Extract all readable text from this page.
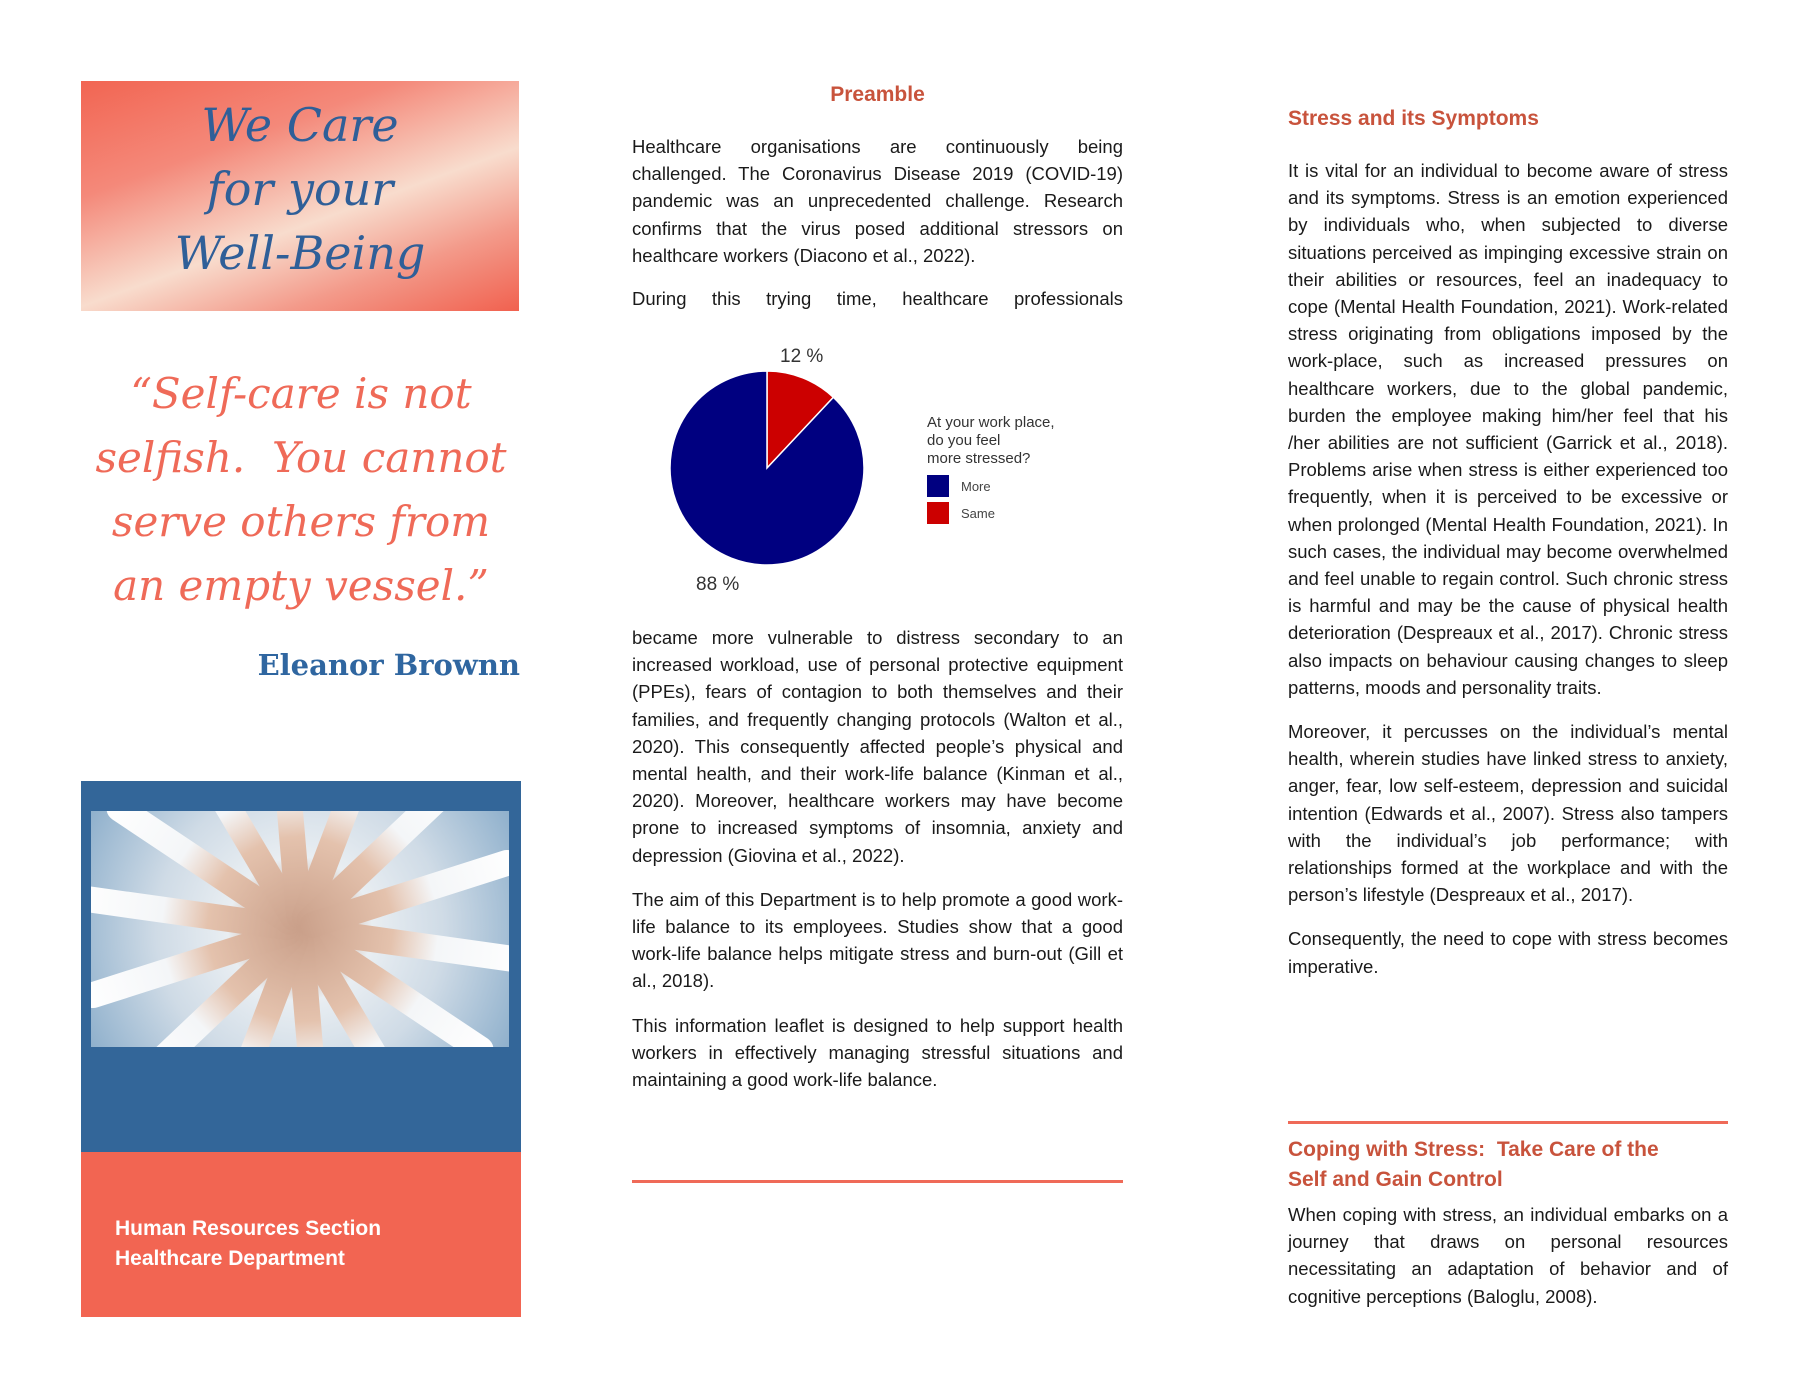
We Care
for your
Well-Being
“Self-care is not
selfish.  You cannot
serve others from
an empty vessel.”
Eleanor Brownn
Human Resources Section
Healthcare Department
Preamble

Healthcare organisations are continuously being challenged. The Coronavirus Disease 2019 (COVID-19) pandemic was an unprecedented challenge. Research confirms that the virus posed additional stressors on healthcare workers (Diacono et al., 2022).

During this trying time, healthcare professionals

12 %
88 %
At your work place,
do you feel
more stressed?
More
Same

became more vulnerable to distress secondary to an increased workload, use of personal protective equipment (PPEs), fears of contagion to both themselves and their families, and frequently changing protocols (Walton et al., 2020). This consequently affected people’s physical and mental health, and their work-life balance (Kinman et al., 2020). Moreover, healthcare workers may have become prone to increased symptoms of insomnia, anxiety and depression (Giovina et al., 2022).

The aim of this Department is to help promote a good work-life balance to its employees. Studies show that a good work-life balance helps mitigate stress and burn-out (Gill et al., 2018).

This information leaflet is designed to help support health workers in effectively managing stressful situations and maintaining a good work-life balance.

Stress and its Symptoms

It is vital for an individual to become aware of stress and its symptoms. Stress is an emotion experienced by individuals who, when subjected to diverse situations perceived as impinging excessive strain on their abilities or resources, feel an inadequacy to cope (Mental Health Foundation, 2021). Work-related stress originating from obligations imposed by the work-place, such as increased pressures on healthcare workers, due to the global pandemic, burden the employee making him/her feel that his /her abilities are not sufficient (Garrick et al., 2018). Problems arise when stress is either experienced too frequently, when it is perceived to be excessive or when prolonged (Mental Health Foundation, 2021). In such cases, the individual may become overwhelmed and feel unable to regain control. Such chronic stress is harmful and may be the cause of physical health deterioration (Despreaux et al., 2017). Chronic stress also impacts on behaviour causing changes to sleep patterns, moods and personality traits.

Moreover, it percusses on the individual’s mental health, wherein studies have linked stress to anxiety, anger, fear, low self-esteem, depression and suicidal intention (Edwards et al., 2007). Stress also tampers with the individual’s job performance; with relationships formed at the workplace and with the person’s lifestyle (Despreaux et al., 2017).

Consequently, the need to cope with stress becomes imperative.

Coping with Stress:  Take Care of the
Self and Gain Control

When coping with stress, an individual embarks on a journey that draws on personal resources necessitating an adaptation of behavior and of cognitive perceptions (Baloglu, 2008).
